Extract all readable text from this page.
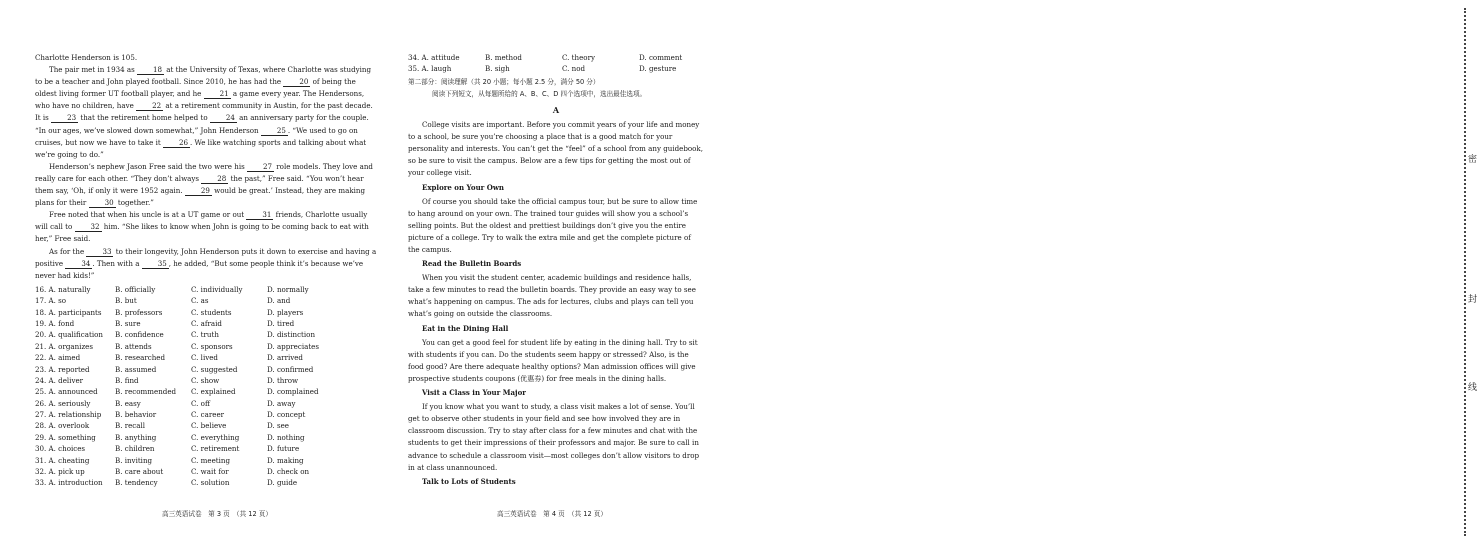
Charlotte Henderson is 105.

The pair met in 1934 as 18 at the University of Texas, where Charlotte was studying to be a teacher and John played football. Since 2010, he has had the 20 of being the oldest living former UT football player, and he 21 a game every year. The Hendersons, who have no children, have 22 at a retirement community in Austin, for the past decade. It is 23 that the retirement home helped to 24 an anniversary party for the couple. “In our ages, we’ve slowed down somewhat,” John Henderson 25 . “We used to go on cruises, but now we have to take it 26 . We like watching sports and talking about what we’re going to do.”

Henderson’s nephew Jason Free said the two were his 27 role models. They love and really care for each other. “They don’t always 28 the past,” Free said. “You won’t hear them say, ‘Oh, if only it were 1952 again. 29 would be great.’ Instead, they are making plans for their 30 together.”

Free noted that when his uncle is at a UT game or out 31 friends, Charlotte usually will call to 32 him. “She likes to know when John is going to be coming back to eat with her,” Free said.

As for the 33 to their longevity, John Henderson puts it down to exercise and having a positive 34 . Then with a 35 , he added, “But some people think it’s because we’ve never had kids!”

16. A. naturally	B. officially	C. individually	D. normally
17. A. so	B. but	C. as	D. and
18. A. participants	B. professors	C. students	D. players
19. A. fond	B. sure	C. afraid	D. tired
20. A. qualification	B. confidence	C. truth	D. distinction
21. A. organizes	B. attends	C. sponsors	D. appreciates
22. A. aimed	B. researched	C. lived	D. arrived
23. A. reported	B. assumed	C. suggested	D. confirmed
24. A. deliver	B. find	C. show	D. throw
25. A. announced	B. recommended	C. explained	D. complained
26. A. seriously	B. easy	C. off	D. away
27. A. relationship	B. behavior	C. career	D. concept
28. A. overlook	B. recall	C. believe	D. see
29. A. something	B. anything	C. everything	D. nothing
30. A. choices	B. children	C. retirement	D. future
31. A. cheating	B. inviting	C. meeting	D. making
32. A. pick up	B. care about	C. wait for	D. check on
33. A. introduction	B. tendency	C. solution	D. guide
34. A. attitude	B. method	C. theory	D. comment
35. A. laugh	B. sigh	C. nod	D. gesture

第二部分：阅读理解（共 20 小题；每小题 2.5 分，满分 50 分）

阅读下列短文，从每题所给的 A、B、C、D 四个选项中，选出最佳选项。

A

College visits are important. Before you commit years of your life and money to a school, be sure you’re choosing a place that is a good match for your personality and interests. You can’t get the “feel” of a school from any guidebook, so be sure to visit the campus. Below are a few tips for getting the most out of your college visit.

Explore on Your Own

Of course you should take the official campus tour, but be sure to allow time to hang around on your own. The trained tour guides will show you a school’s selling points. But the oldest and prettiest buildings don’t give you the entire picture of a college. Try to walk the extra mile and get the complete picture of the campus.

Read the Bulletin Boards

When you visit the student center, academic buildings and residence halls, take a few minutes to read the bulletin boards. They provide an easy way to see what’s happening on campus. The ads for lectures, clubs and plays can tell you what’s going on outside the classrooms.

Eat in the Dining Hall

You can get a good feel for student life by eating in the dining hall. Try to sit with students if you can. Do the students seem happy or stressed? Also, is the food good? Are there adequate healthy options? Man admission offices will give prospective students coupons (优惠券) for free meals in the dining halls.

Visit a Class in Your Major

If you know what you want to study, a class visit makes a lot of sense. You’ll get to observe other students in your field and see how involved they are in classroom discussion. Try to stay after class for a few minutes and chat with the students to get their impressions of their professors and major. Be sure to call in advance to schedule a classroom visit—most colleges don’t allow visitors to drop in at class unannounced.

Talk to Lots of Students
高三英语试卷　第 3 页　（共 12 页）	高三英语试卷　第 4 页　（共 12 页）
密
封
线
